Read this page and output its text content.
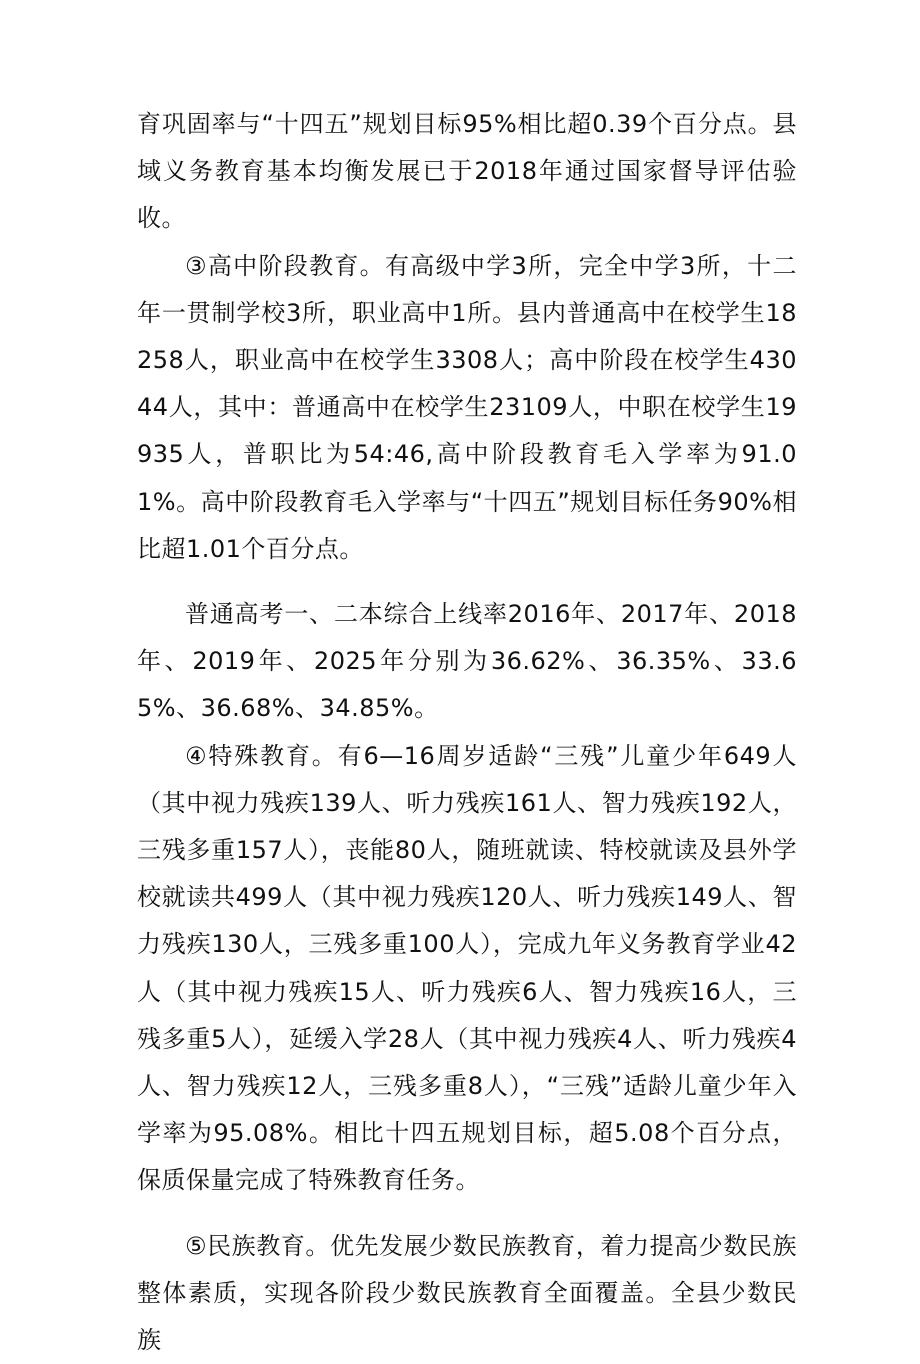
育巩固率与“十四五”规划目标95%相比超0.39个百分点。县域义务教育基本均衡发展已于2018年通过国家督导评估验收。

③高中阶段教育。有高级中学3所，完全中学3所，十二年一贯制学校3所，职业高中1所。县内普通高中在校学生18258人，职业高中在校学生3308人；高中阶段在校学生43044人，其中：普通高中在校学生23109人，中职在校学生19935人，普职比为54:46,高中阶段教育毛入学率为91.01%。高中阶段教育毛入学率与“十四五”规划目标任务90%相比超1.01个百分点。

普通高考一、二本综合上线率2016年、2017年、2018年、2019年、2025年分别为36.62%、36.35%、33.65%、36.68%、34.85%。

④特殊教育。有6—16周岁适龄“三残”儿童少年649人（其中视力残疾139人、听力残疾161人、智力残疾192人，三残多重157人），丧能80人，随班就读、特校就读及县外学校就读共499人（其中视力残疾120人、听力残疾149人、智力残疾130人，三残多重100人），完成九年义务教育学业42人（其中视力残疾15人、听力残疾6人、智力残疾16人，三残多重5人），延缓入学28人（其中视力残疾4人、听力残疾4人、智力残疾12人，三残多重8人），“三残”适龄儿童少年入学率为95.08%。相比十四五规划目标，超5.08个百分点，保质保量完成了特殊教育任务。

⑤民族教育。优先发展少数民族教育，着力提高少数民族整体素质，实现各阶段少数民族教育全面覆盖。全县少数民族
